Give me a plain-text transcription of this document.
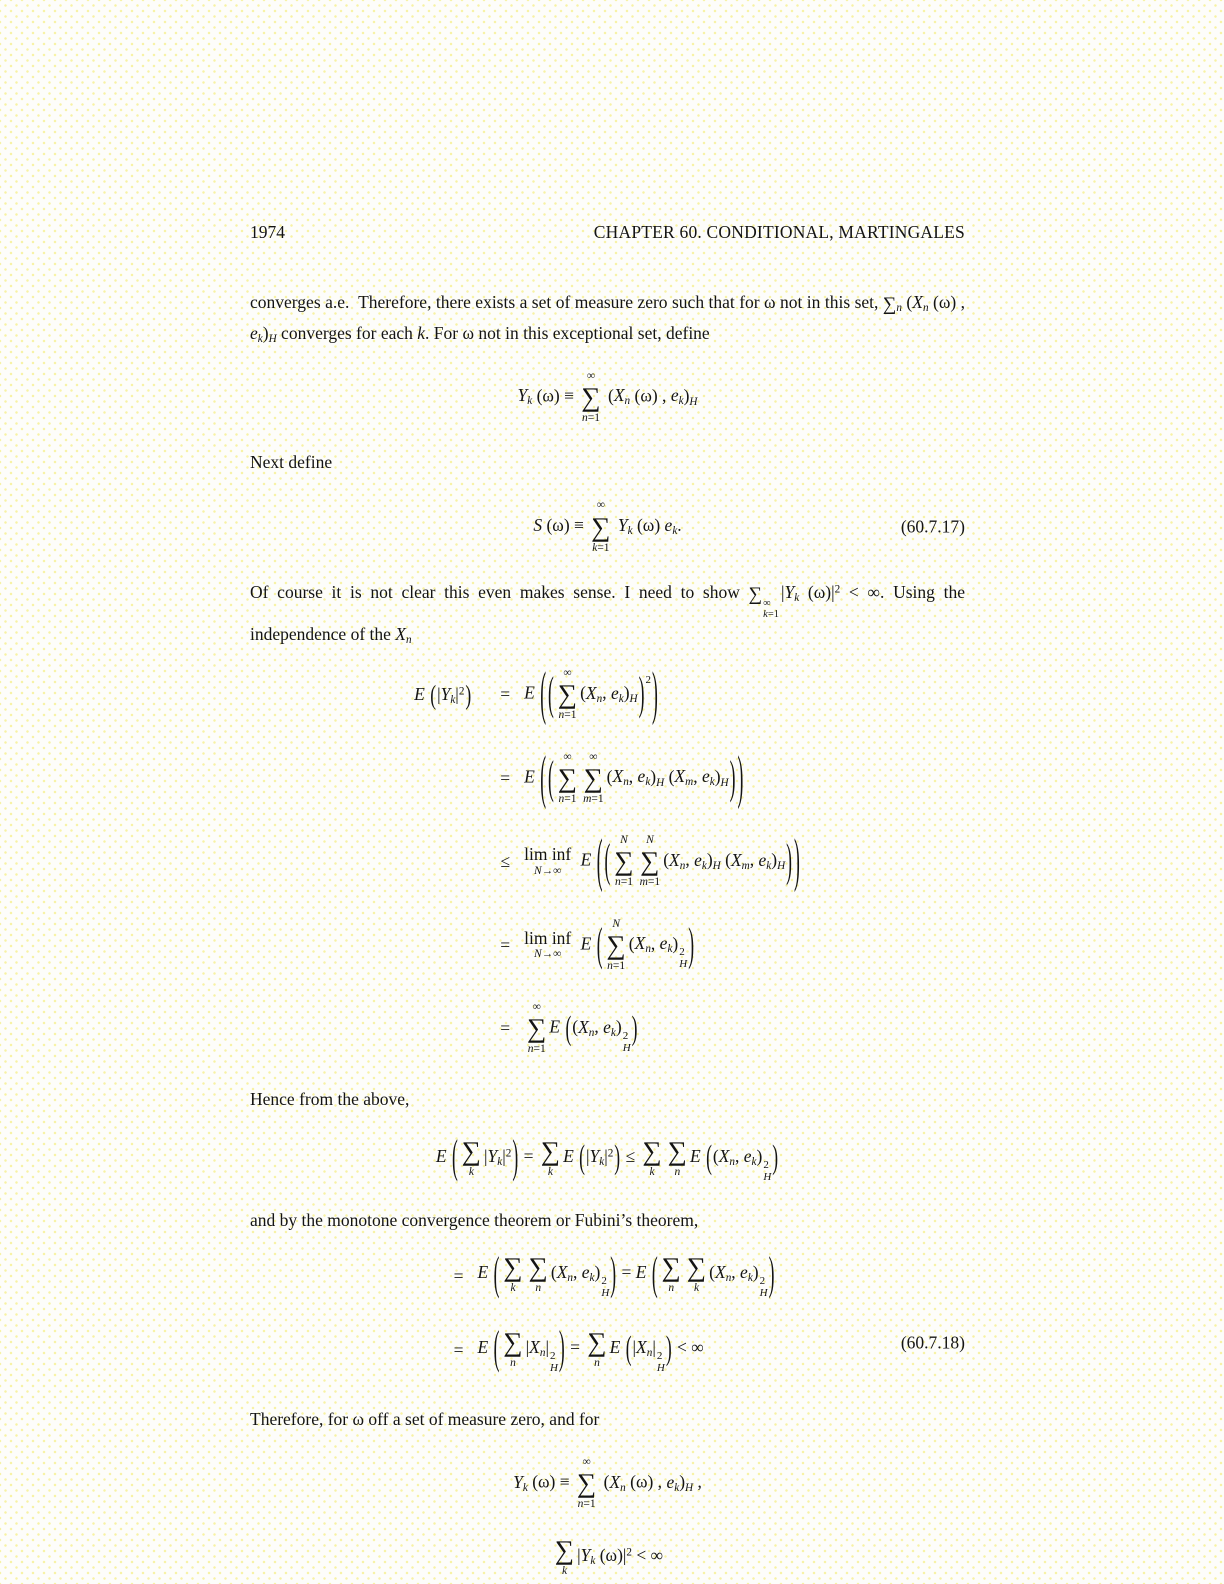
1974	CHAPTER 60. CONDITIONAL, MARTINGALES

converges a.e. Therefore, there exists a set of measure zero such that for ω not in this set, $\sum_n$ ($X_n$ (ω) , $e_k)_H$ converges for each k. For ω not in this exceptional set, define

$Y_k$ (ω) ≡
∞
∑
n=1
($X_n$ (ω) , $e_k)_H$

Next define

S (ω) ≡
∞
∑
k=1
$Y_k$ (ω) $e_k$.	(60.7.17)

Of course it is not clear this even makes sense. I need to show ∑ ∞
k=1
$|Y_k$ $(\omega)|^2$ < ∞. Using the independence of the $X_n$

E $(|Y_k|^2)$	=	E ( ( ∞
∑
n=1
($X_n$, $e_k)_H)^2$)
	=	E ( ( ∞
∑
n=1
∞
∑
m=1
($X_n$, $e_k)_H$ ($X_m$, $e_k)_H$) )
	≤	lim inf
N→∞
E ( ( N
∑
n=1
N
∑
m=1
($X_n$, $e_k)_H$ ($X_m$, $e_k)_H$) )
	=	lim inf
N→∞
E ( N
∑
n=1
($X_n$, $e_k$) 2
H )
	=	
∞
∑
n=1
E (($X_n$, $e_k$) 2
H
)

Hence from the above,

E ( ∑
k
$|Y_k|^2$) = ∑
k
E $(|Y_k|^2)$ ≤ ∑
k
∑
n
E (($X_n$, $e_k$) 2
H
)

and by the monotone convergence theorem or Fubini’s theorem,

=	E ( ∑
k
∑
n
($X_n$, $e_k$) 2
H ) = E ( ∑
n
∑
k
($X_n$, $e_k$) 2
H )
=	E ( ∑
n
$|X_n|$ 2
H ) = ∑
n
E ($|X_n|$ 2
H
) < ∞	(60.7.18)

Therefore, for ω off a set of measure zero, and for

$Y_k$ (ω) ≡
∞
∑
n=1
($X_n$ (ω) , $e_k)_H$ ,
∑
k
$|Y_k$ $(\omega)|^2$ < ∞
